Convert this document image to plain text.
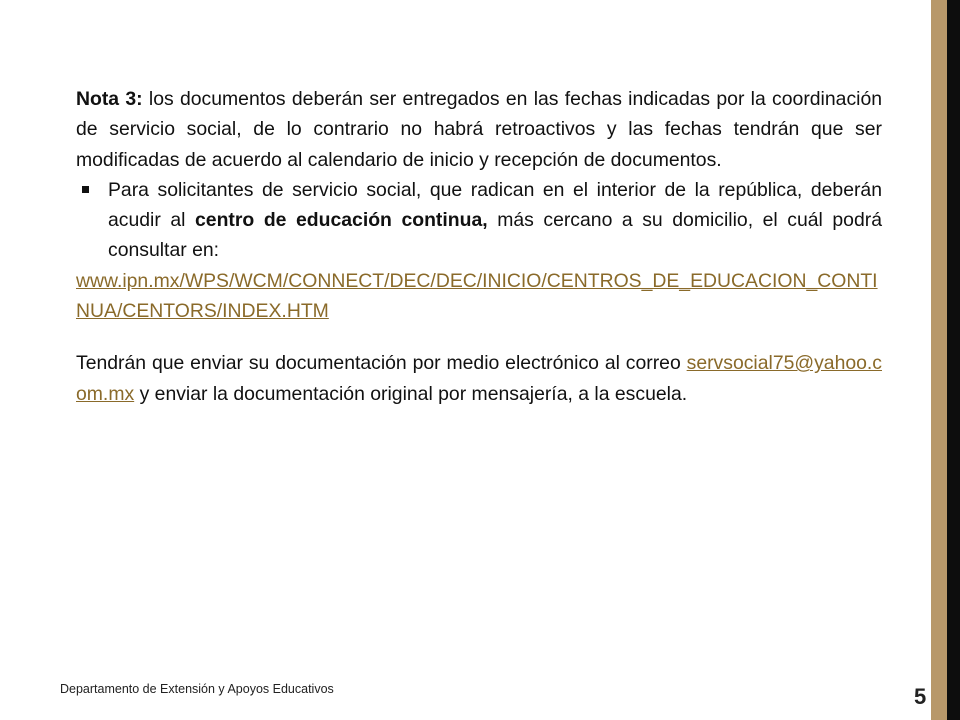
Nota 3: los documentos deberán ser entregados en las fechas indicadas por la coordinación de servicio social, de lo contrario no habrá retroactivos y las fechas tendrán que ser modificadas de acuerdo al calendario de inicio y recepción de documentos.

Para solicitantes de servicio social, que radican en el interior de la república, deberán acudir al centro de educación continua, más cercano a su domicilio, el cuál podrá consultar en:

www.ipn.mx/WPS/WCM/CONNECT/DEC/DEC/INICIO/CENTROS_DE_EDUCACION_CONTINUA/CENTORS/INDEX.HTM

Tendrán que enviar su documentación por medio electrónico al correo servsocial75@yahoo.com.mx y enviar la documentación original por mensajería, a la escuela.

Departamento de Extensión y Apoyos Educativos	5
